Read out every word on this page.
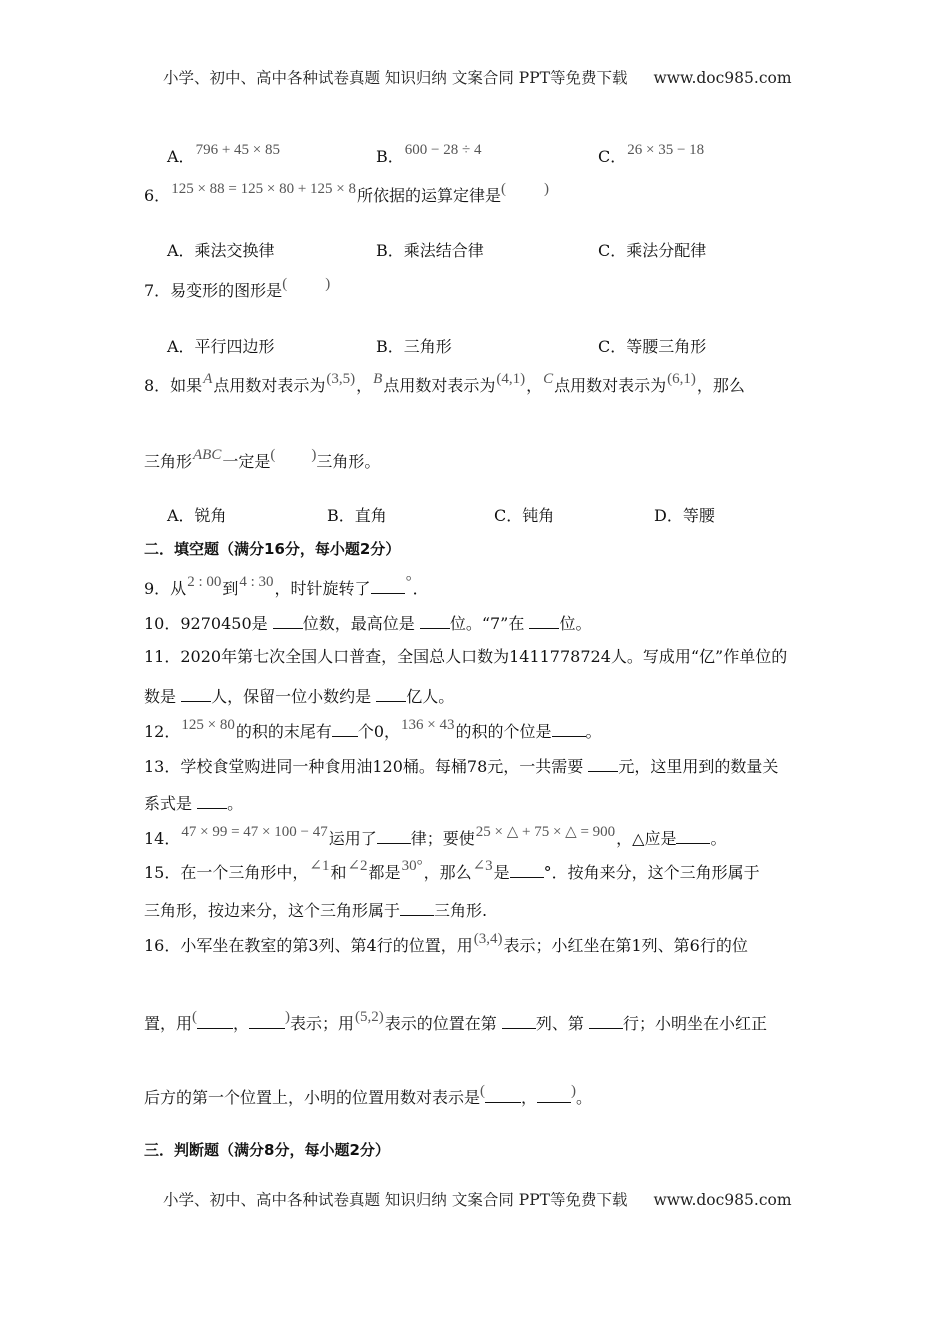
小学、初中、高中各种试卷真题 知识归纳 文案合同 PPT等免费下载 www.doc985.com
A．796 + 45 × 85	B．600 − 28 ÷ 4	C．26 × 35 − 18
6．125 × 88 = 125 × 80 + 125 × 8所依据的运算定律是(	)
A．乘法交换律	B．乘法结合律	C．乘法分配律
7．易变形的图形是(	)
A．平行四边形	B．三角形	C．等腰三角形
8．如果A点用数对表示为(3,5)，B点用数对表示为(4,1)，C点用数对表示为(6,1)，那么
三角形ABC一定是( )三角形。
A．锐角	B．直角	C．钝角	D．等腰
二．填空题（满分16分，每小题2分）
9．从2 : 00到4 : 30，时针旋转了 °．
10．9270450是 位数，最高位是 位。“7”在 位。
11．2020年第七次全国人口普查，全国总人口数为1411778724人。写成用“亿”作单位的
数是 人，保留一位小数约是 亿人。
12．125 × 80的积的末尾有 个0，136 × 43的积的个位是 。
13．学校食堂购进同一种食用油120桶。每桶78元，一共需要 元，这里用到的数量关
系式是 。
14．47 × 99 = 47 × 100 − 47运用了 律；要使25 × △ + 75 × △ = 900，△应是 。
15．在一个三角形中，∠1和∠2都是30°，那么∠3是 °．按角来分，这个三角形属于
三角形，按边来分，这个三角形属于 三角形.
16．小军坐在教室的第3列、第4行的位置，用(3,4)表示；小红坐在第1列、第6行的位
置，用( ， )表示；用(5,2)表示的位置在第 列、第 行；小明坐在小红正
后方的第一个位置上，小明的位置用数对表示是( ， )。
三．判断题（满分8分，每小题2分）
小学、初中、高中各种试卷真题 知识归纳 文案合同 PPT等免费下载 www.doc985.com
